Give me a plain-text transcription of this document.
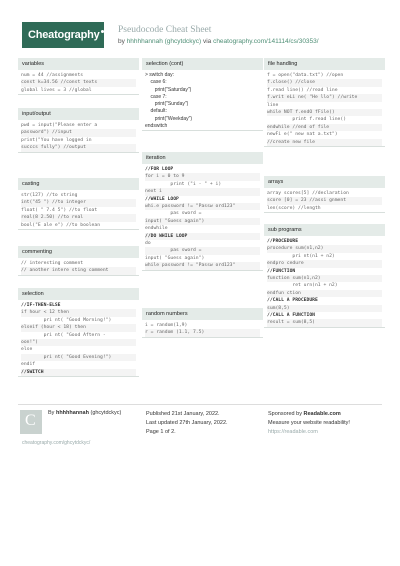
Cheatography	Pseudocode Cheat Sheet
by hhhhhannah (ghcytdckyc) via cheatography.com/141114/cs/30353/
variables
num = 44 //assignments
const k=34.56 //const texts
global lives = 3 //global
input/output
pwd = input("Please enter a
password") //input
print("You have logged in
succcs fully") //output
casting
str(127) //to string
int("45 ") //to integer
float( " 7.4 5") //to float
real(8 2.50) //to real
bool("E ale e") //to boolean
commenting
// interesting comment
// another intere sting comment
selection
//IF-THEN-ELSE
if hour < 12 then
pri nt( "Good Morning!")
elseif (hour < 18) then
pri nt( "Good Aftern -
oon!")
else
pri nt( "Good Evening!")
endif
//SWITCH
selection (cont)
> switch day:
case 6:
print("Saturday")
case 7:
print("Sunday")
default:
print("Weekday")
endswitch
iteration
//FOR LOOP
for i = 0 to 9
print ("i - " + i)
next i
//WHILE LOOP
whi.e password != "Passw ord123"
pas sword =
input( "Guess again")
endwhile
//DO WHILE LOOP
do
pas sword =
input( "Guess again")
while password != "Passw ord123"
random numbers
i = random(1,9)
r = random (1.1, 7.5)
file handling
f = open("data.txt") //open
f.close() //close
f.read line() //read line
f.writ eLi ne( "He llo") //write
line
while NOT f.endO fFile()
print f.read line()
endwhile //end of file
newFi e(" new nat a.txt")
//create new file
arrays
array scores[5] //declaration
score [0] = 23 //assi gnment
len(score) //length
sub programs
//PROCEDURE
procedure sum(n1,n2)
pri nt(n1 + n2)
endpro cedure
//FUNCTION
function sum(n1,n2)
ret urn(n1 + n2)
endfun ction
//CALL A PROCEDURE
sum(8,5)
//CALL A FUNCTION
result = sum(8,5)
C	By hhhhhannah (ghcytdckyc)
cheatography.com/ghcytdckyc/
Published 21st January, 2022.
Last updated 27th January, 2022.
Page 1 of 2.
Sponsored by Readable.com
Measure your website readability!
https://readable.com
